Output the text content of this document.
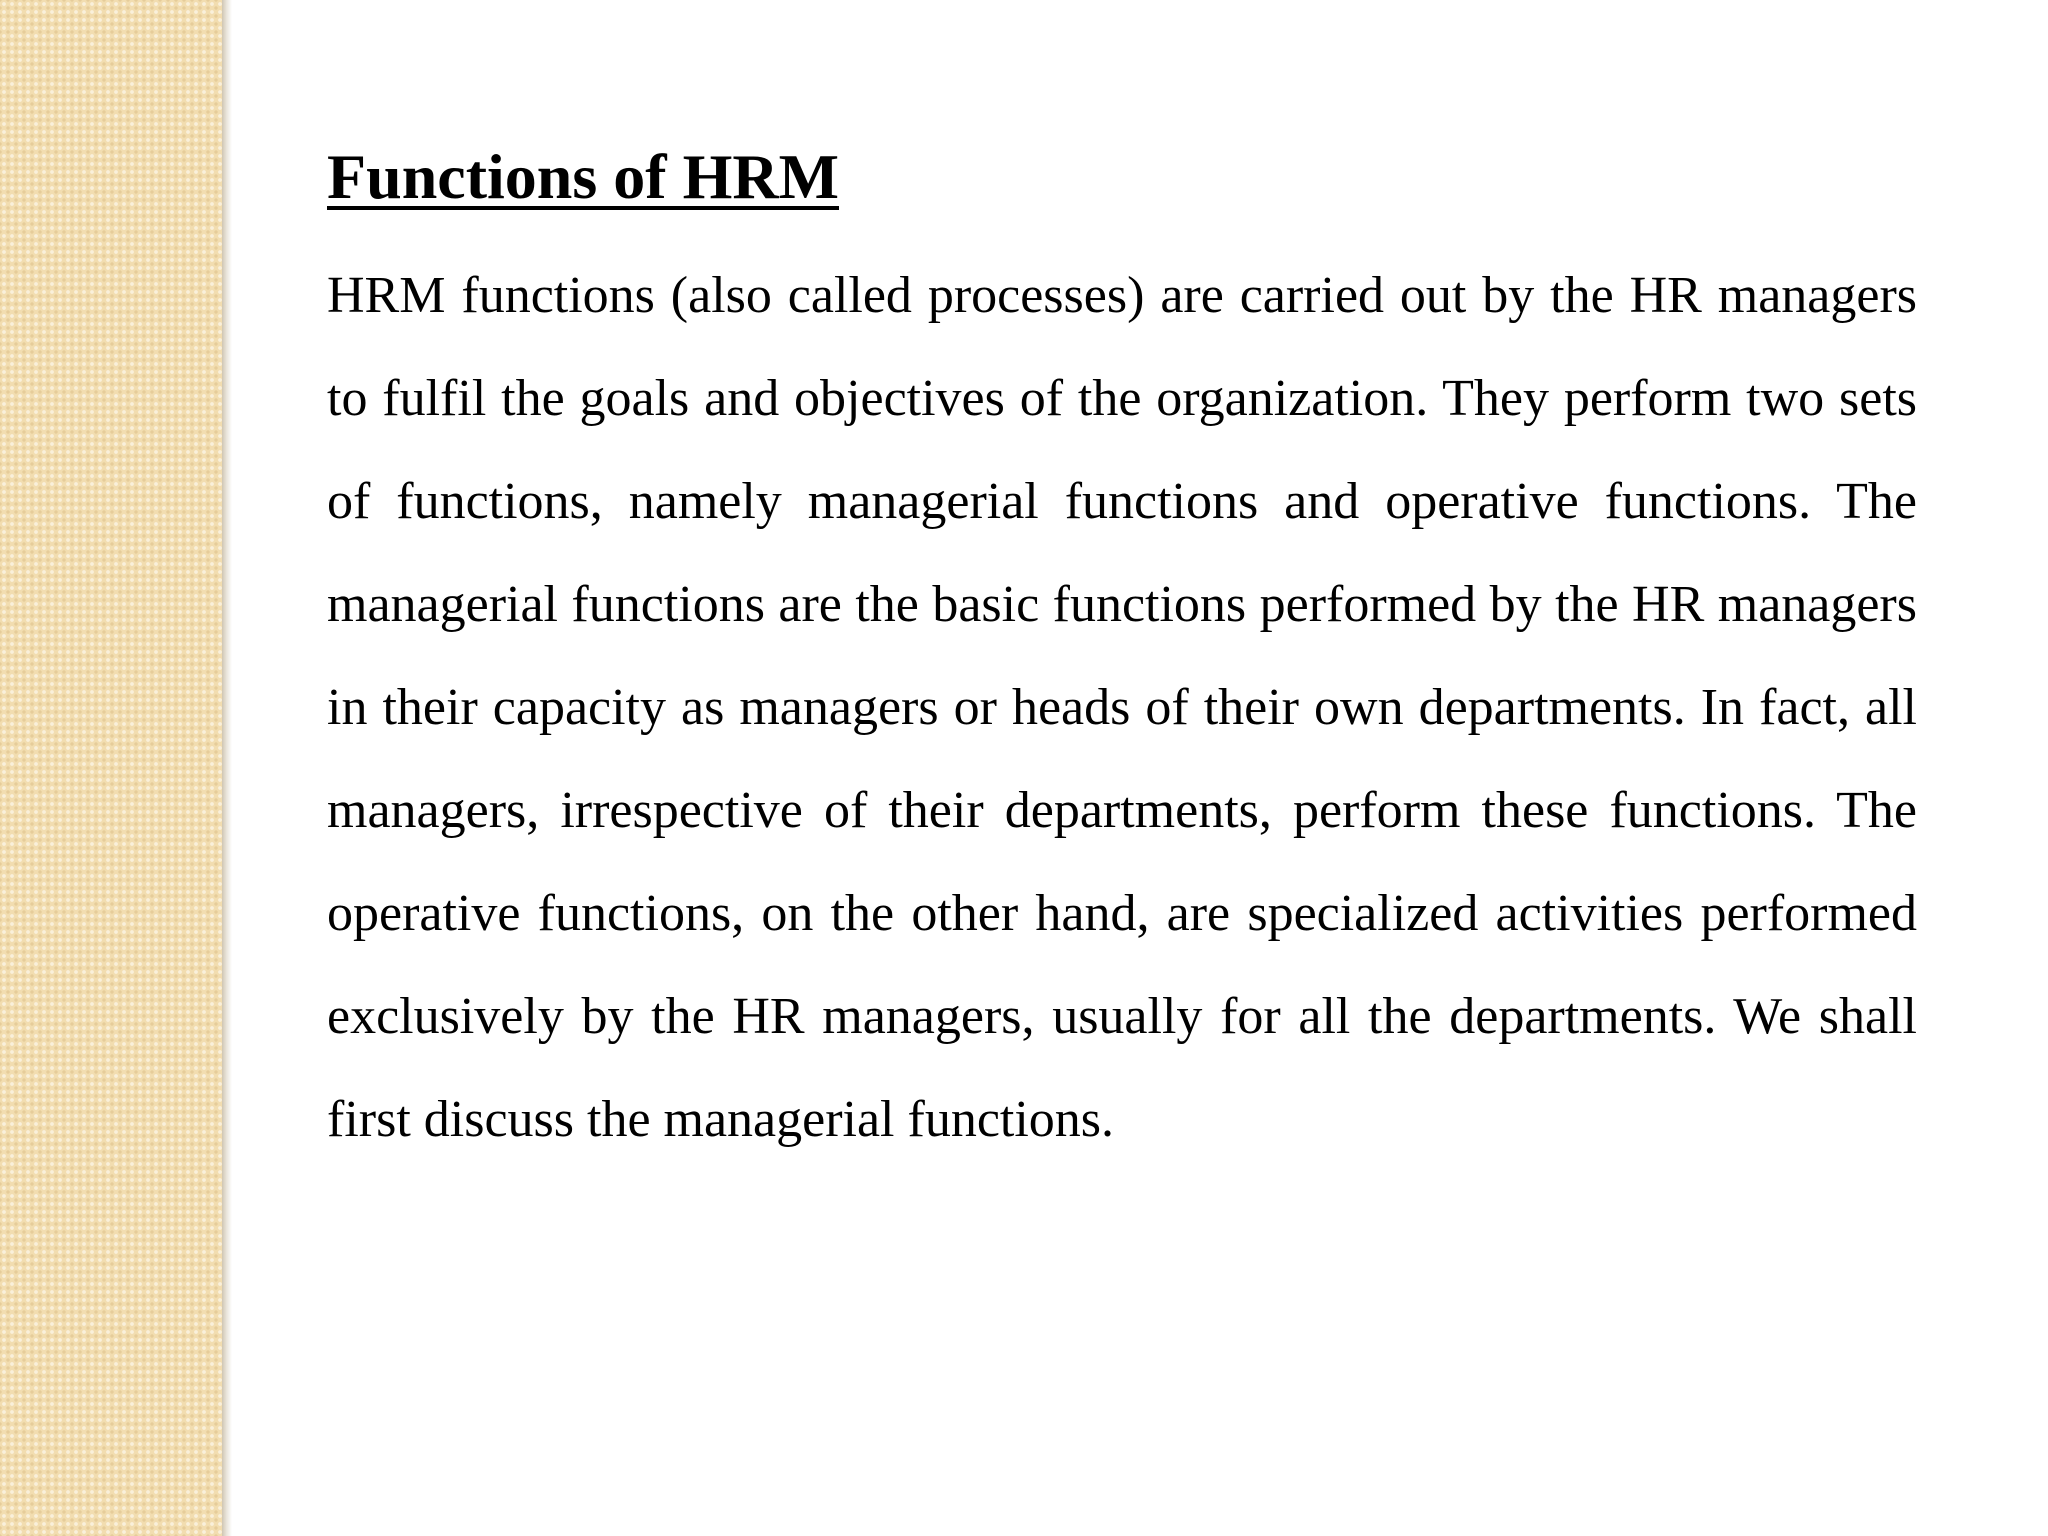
Functions of HRM

HRM functions (also called processes) are carried out by the HR managers to fulfil the goals and objectives of the organization. They perform two sets of functions, namely managerial functions and operative functions. The managerial functions are the basic functions performed by the HR managers in their capacity as managers or heads of their own departments. In fact, all managers, irrespective of their departments, perform these functions. The operative functions, on the other hand, are specialized activities performed exclusively by the HR managers, usually for all the departments. We shall first discuss the managerial functions.
